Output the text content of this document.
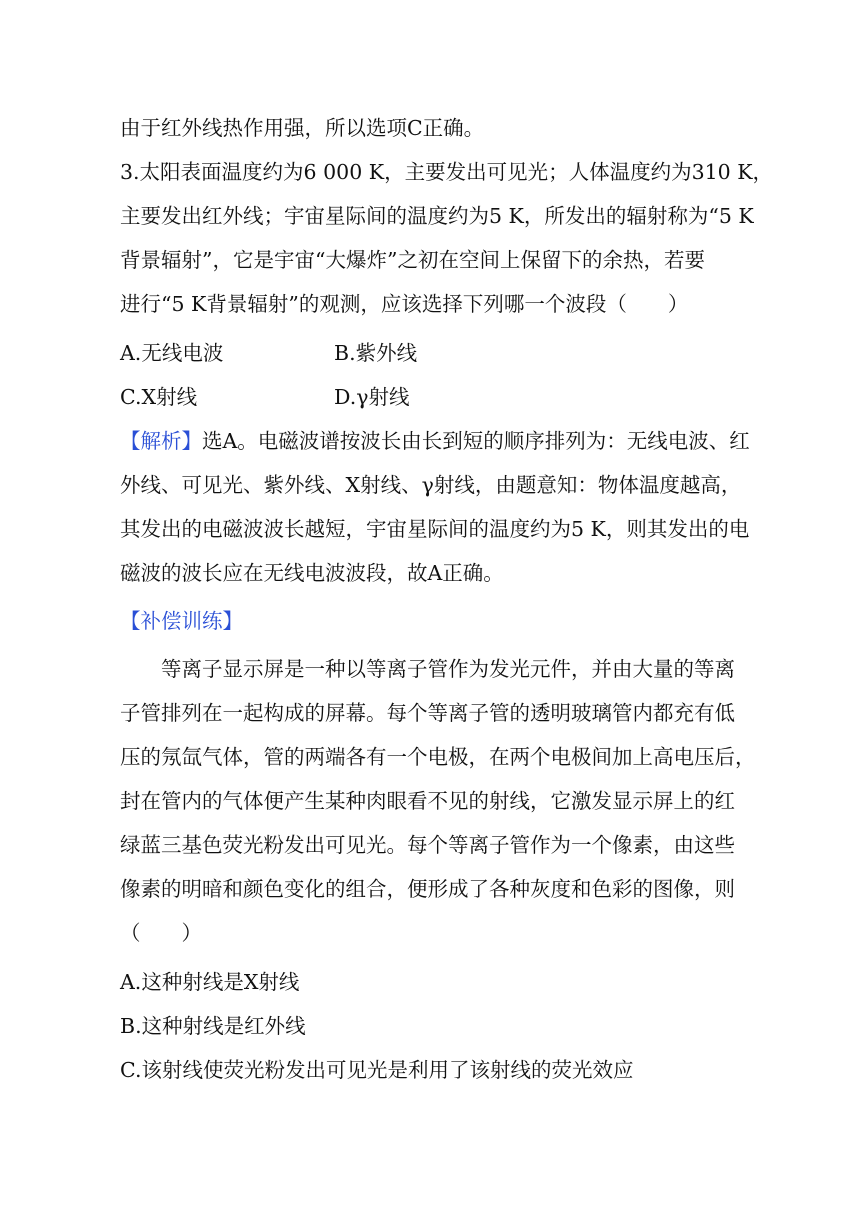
由于红外线热作用强，所以选项C正确。
3.太阳表面温度约为6 000 K，主要发出可见光；人体温度约为310 K，
主要发出红外线；宇宙星际间的温度约为5 K，所发出的辐射称为“5 K
背景辐射”，它是宇宙“大爆炸”之初在空间上保留下的余热，若要
进行“5 K背景辐射”的观测，应该选择下列哪一个波段（　　）
A.无线电波	B.紫外线
C.X射线	D.γ射线
【解析】 选A。电磁波谱按波长由长到短的顺序排列为：无线电波、红
外线、可见光、紫外线、X射线、γ射线，由题意知：物体温度越高，
其发出的电磁波波长越短，宇宙星际间的温度约为5 K，则其发出的电
磁波的波长应在无线电波波段，故A正确。
【补偿训练】
等离子显示屏是一种以等离子管作为发光元件，并由大量的等离
子管排列在一起构成的屏幕。每个等离子管的透明玻璃管内都充有低
压的氖氙气体，管的两端各有一个电极，在两个电极间加上高电压后，
封在管内的气体便产生某种肉眼看不见的射线，它激发显示屏上的红
绿蓝三基色荧光粉发出可见光。每个等离子管作为一个像素，由这些
像素的明暗和颜色变化的组合，便形成了各种灰度和色彩的图像，则
（　　）
A.这种射线是X射线
B.这种射线是红外线
C.该射线使荧光粉发出可见光是利用了该射线的荧光效应
